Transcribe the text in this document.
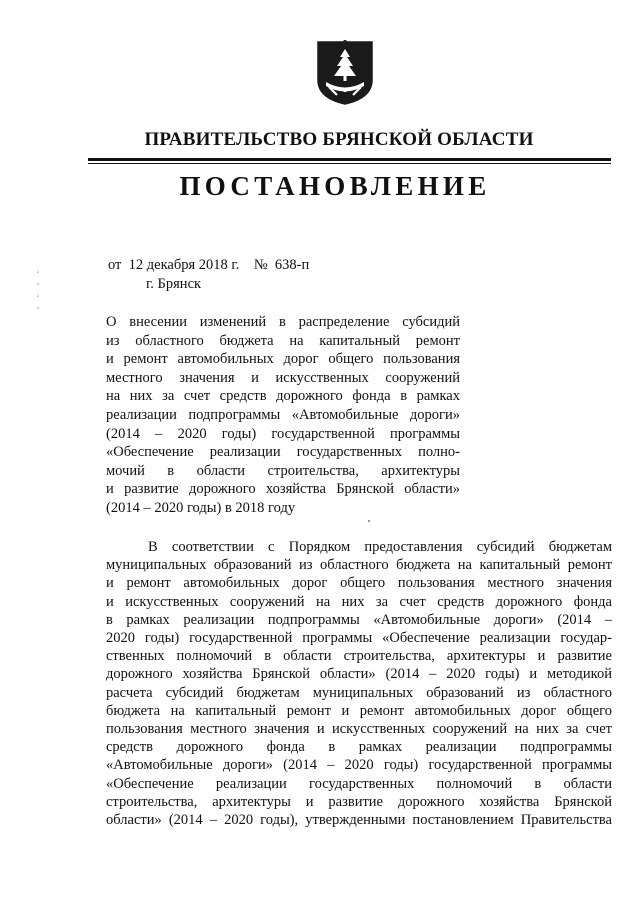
ПРАВИТЕЛЬСТВО БРЯНСКОЙ ОБЛАСТИ
ПОСТАНОВЛЕНИЕ
от  12 декабря 2018 г.    №  638-п
г. Брянск
О внесении изменений в распределение субсидий
из областного бюджета на капитальный ремонт
и ремонт автомобильных дорог общего пользования
местного значения и искусственных сооружений
на них за счет средств дорожного фонда в рамках
реализации подпрограммы «Автомобильные дороги»
(2014 – 2020 годы) государственной программы
«Обеспечение реализации государственных полно-
мочий в области строительства, архитектуры
и развитие дорожного хозяйства Брянской области»
(2014 – 2020 годы) в 2018 году
В соответствии с Порядком предоставления субсидий бюджетам
муниципальных образований из областного бюджета на капитальный ремонт
и ремонт автомобильных дорог общего пользования местного значения
и искусственных сооружений на них за счет средств дорожного фонда
в рамках реализации подпрограммы «Автомобильные дороги» (2014 –
2020 годы) государственной программы «Обеспечение реализации государ-
ственных полномочий в области строительства, архитектуры и развитие
дорожного хозяйства Брянской области» (2014 – 2020 годы) и методикой
расчета субсидий бюджетам муниципальных образований из областного
бюджета на капитальный ремонт и ремонт автомобильных дорог общего
пользования местного значения и искусственных сооружений на них за счет
средств дорожного фонда в рамках реализации подпрограммы
«Автомобильные дороги» (2014 – 2020 годы) государственной программы
«Обеспечение реализации государственных полномочий в области
строительства, архитектуры и развитие дорожного хозяйства Брянской
области» (2014 – 2020 годы), утвержденными постановлением Правительства
